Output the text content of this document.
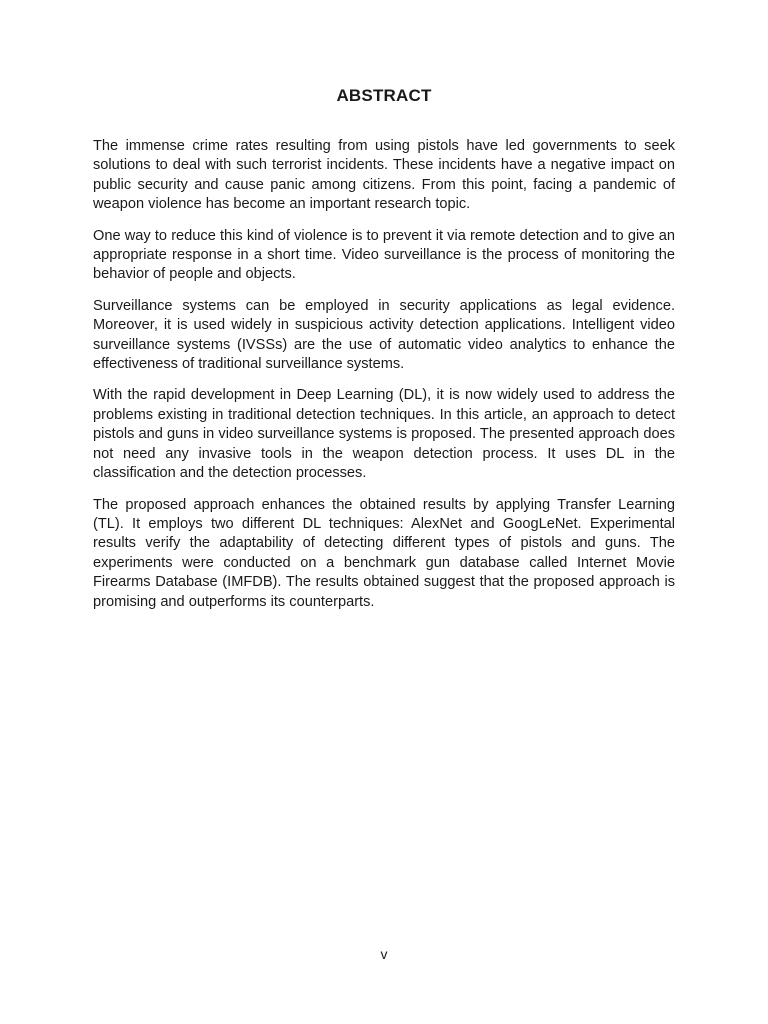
ABSTRACT

The immense crime rates resulting from using pistols have led governments to seek solutions to deal with such terrorist incidents. These incidents have a negative impact on public security and cause panic among citizens. From this point, facing a pandemic of weapon violence has become an important research topic.

One way to reduce this kind of violence is to prevent it via remote detection and to give an appropriate response in a short time. Video surveillance is the process of monitoring the behavior of people and objects.

Surveillance systems can be employed in security applications as legal evidence. Moreover, it is used widely in suspicious activity detection applications. Intelligent video surveillance systems (IVSSs) are the use of automatic video analytics to enhance the effectiveness of traditional surveillance systems.

With the rapid development in Deep Learning (DL), it is now widely used to address the problems existing in traditional detection techniques. In this article, an approach to detect pistols and guns in video surveillance systems is proposed. The presented approach does not need any invasive tools in the weapon detection process. It uses DL in the classification and the detection processes.

The proposed approach enhances the obtained results by applying Transfer Learning (TL). It employs two different DL techniques: AlexNet and GoogLeNet. Experimental results verify the adaptability of detecting different types of pistols and guns. The experiments were conducted on a benchmark gun database called Internet Movie Firearms Database (IMFDB). The results obtained suggest that the proposed approach is promising and outperforms its counterparts.

v
